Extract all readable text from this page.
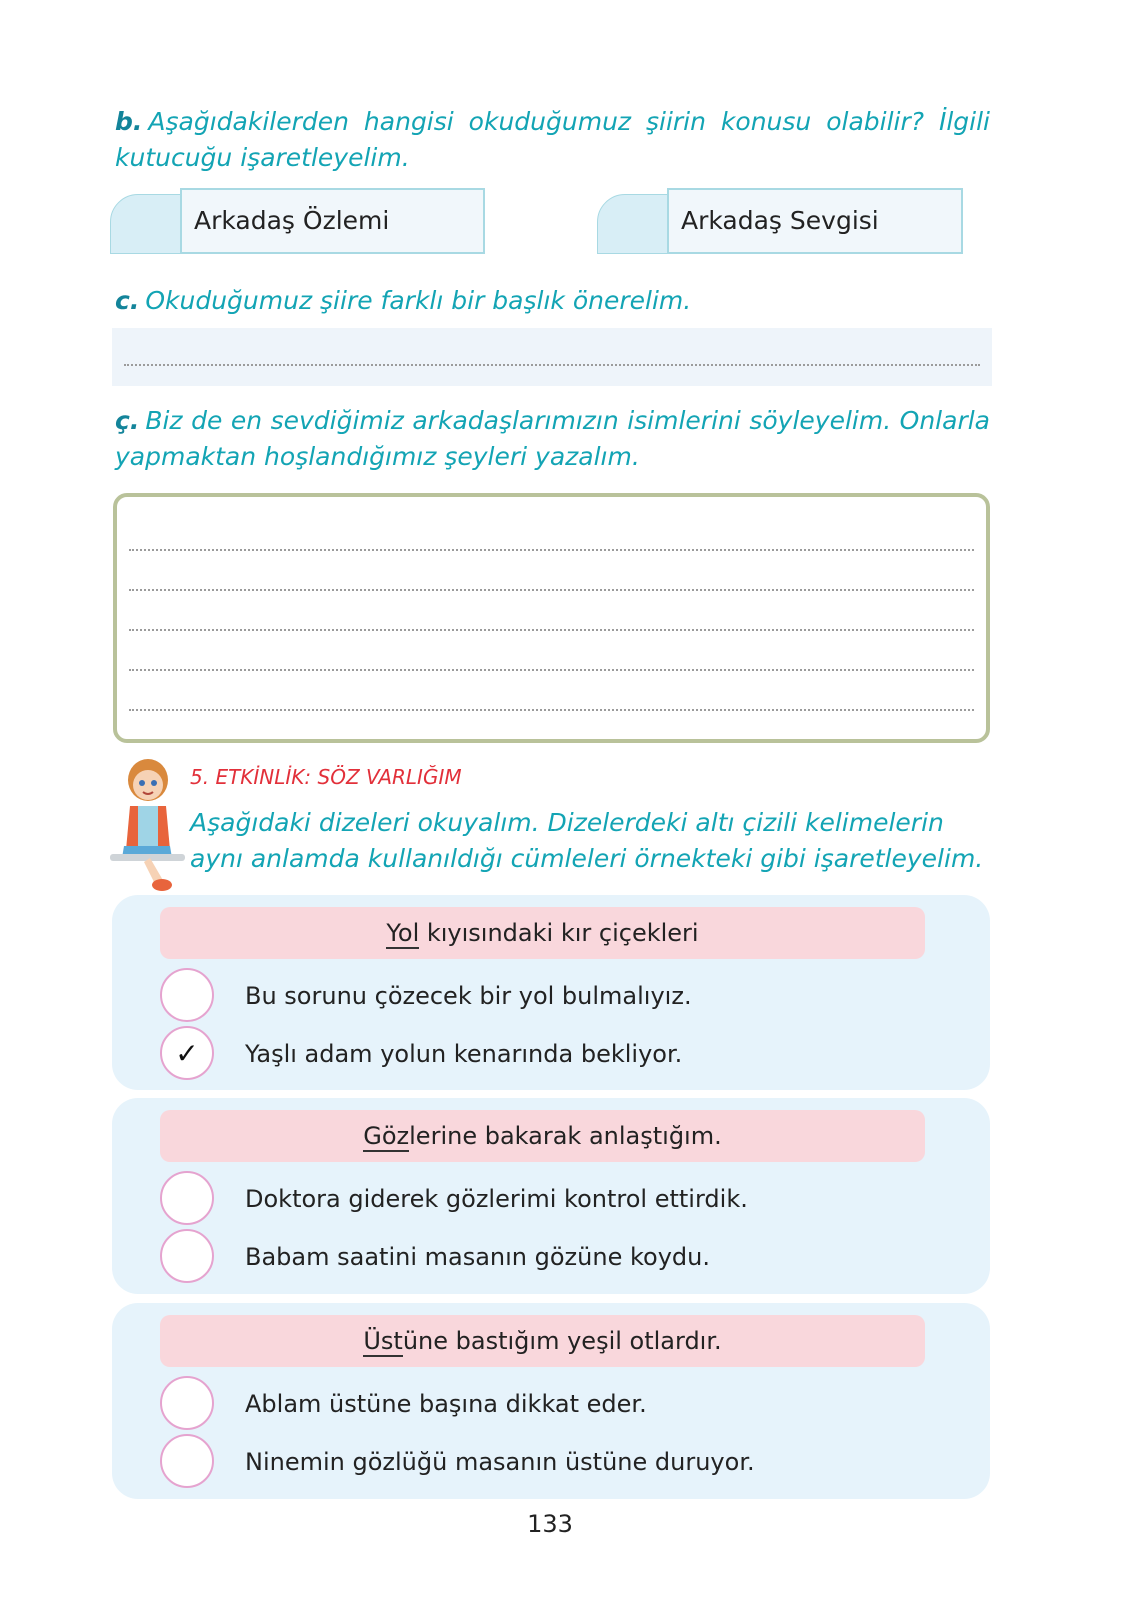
b. Aşağıdakilerden hangisi okuduğumuz şiirin konusu olabilir? İlgili kutucuğu işaretleyelim.
Arkadaş Özlemi	Arkadaş Sevgisi
c. Okuduğumuz şiire farklı bir başlık önerelim.
ç. Biz de en sevdiğimiz arkadaşlarımızın isimlerini söyleyelim. Onlarla yapmaktan hoşlandığımız şeyleri yazalım.
5. ETKİNLİK: SÖZ VARLIĞIM
Aşağıdaki dizeleri okuyalım. Dizelerdeki altı çizili kelimelerin aynı anlamda kullanıldığı cümleleri örnekteki gibi işaretleyelim.
Yol kıyısındaki kır çiçekleri
Bu sorunu çözecek bir yol bulmalıyız.
✓	Yaşlı adam yolun kenarında bekliyor.
Gözlerine bakarak anlaştığım.
Doktora giderek gözlerimi kontrol ettirdik.
Babam saatini masanın gözüne koydu.
Üstüne bastığım yeşil otlardır.
Ablam üstüne başına dikkat eder.
Ninemin gözlüğü masanın üstüne duruyor.
133
